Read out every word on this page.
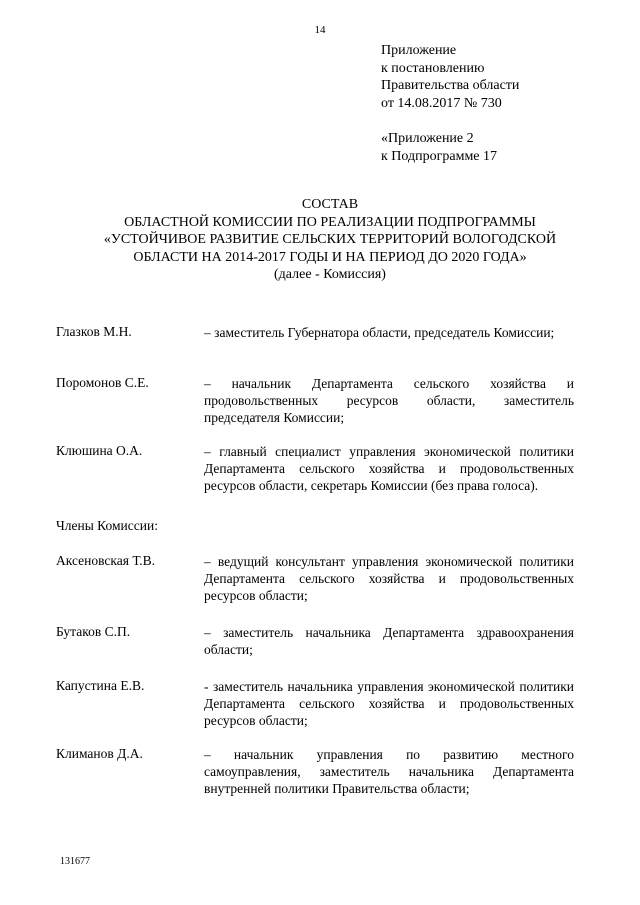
14
Приложение
к постановлению
Правительства области
от 14.08.2017 № 730
«Приложение 2
к Подпрограмме 17
СОСТАВ
ОБЛАСТНОЙ КОМИССИИ ПО РЕАЛИЗАЦИИ ПОДПРОГРАММЫ
«УСТОЙЧИВОЕ РАЗВИТИЕ СЕЛЬСКИХ ТЕРРИТОРИЙ ВОЛОГОДСКОЙ
ОБЛАСТИ НА 2014-2017 ГОДЫ И НА ПЕРИОД ДО 2020 ГОДА»
(далее - Комиссия)
Глазков М.Н.	– заместитель Губернатора области, председатель Комиссии;
Поромонов С.Е.	– начальник Департамента сельского хозяйства и продовольственных ресурсов области, заместитель председателя Комиссии;
Клюшина О.А.	– главный специалист управления экономической политики Департамента сельского хозяйства и продовольственных ресурсов области, секретарь Комиссии (без права голоса).
Члены Комиссии:
Аксеновская Т.В.	– ведущий консультант управления экономической политики Департамента сельского хозяйства и продовольственных ресурсов области;
Бутаков С.П.	– заместитель начальника Департамента здравоохранения области;
Капустина Е.В.	- заместитель начальника управления экономической политики Департамента сельского хозяйства и продовольственных ресурсов области;
Климанов Д.А.	– начальник управления по развитию местного самоуправления, заместитель начальника Департамента внутренней политики Правительства области;
131677
